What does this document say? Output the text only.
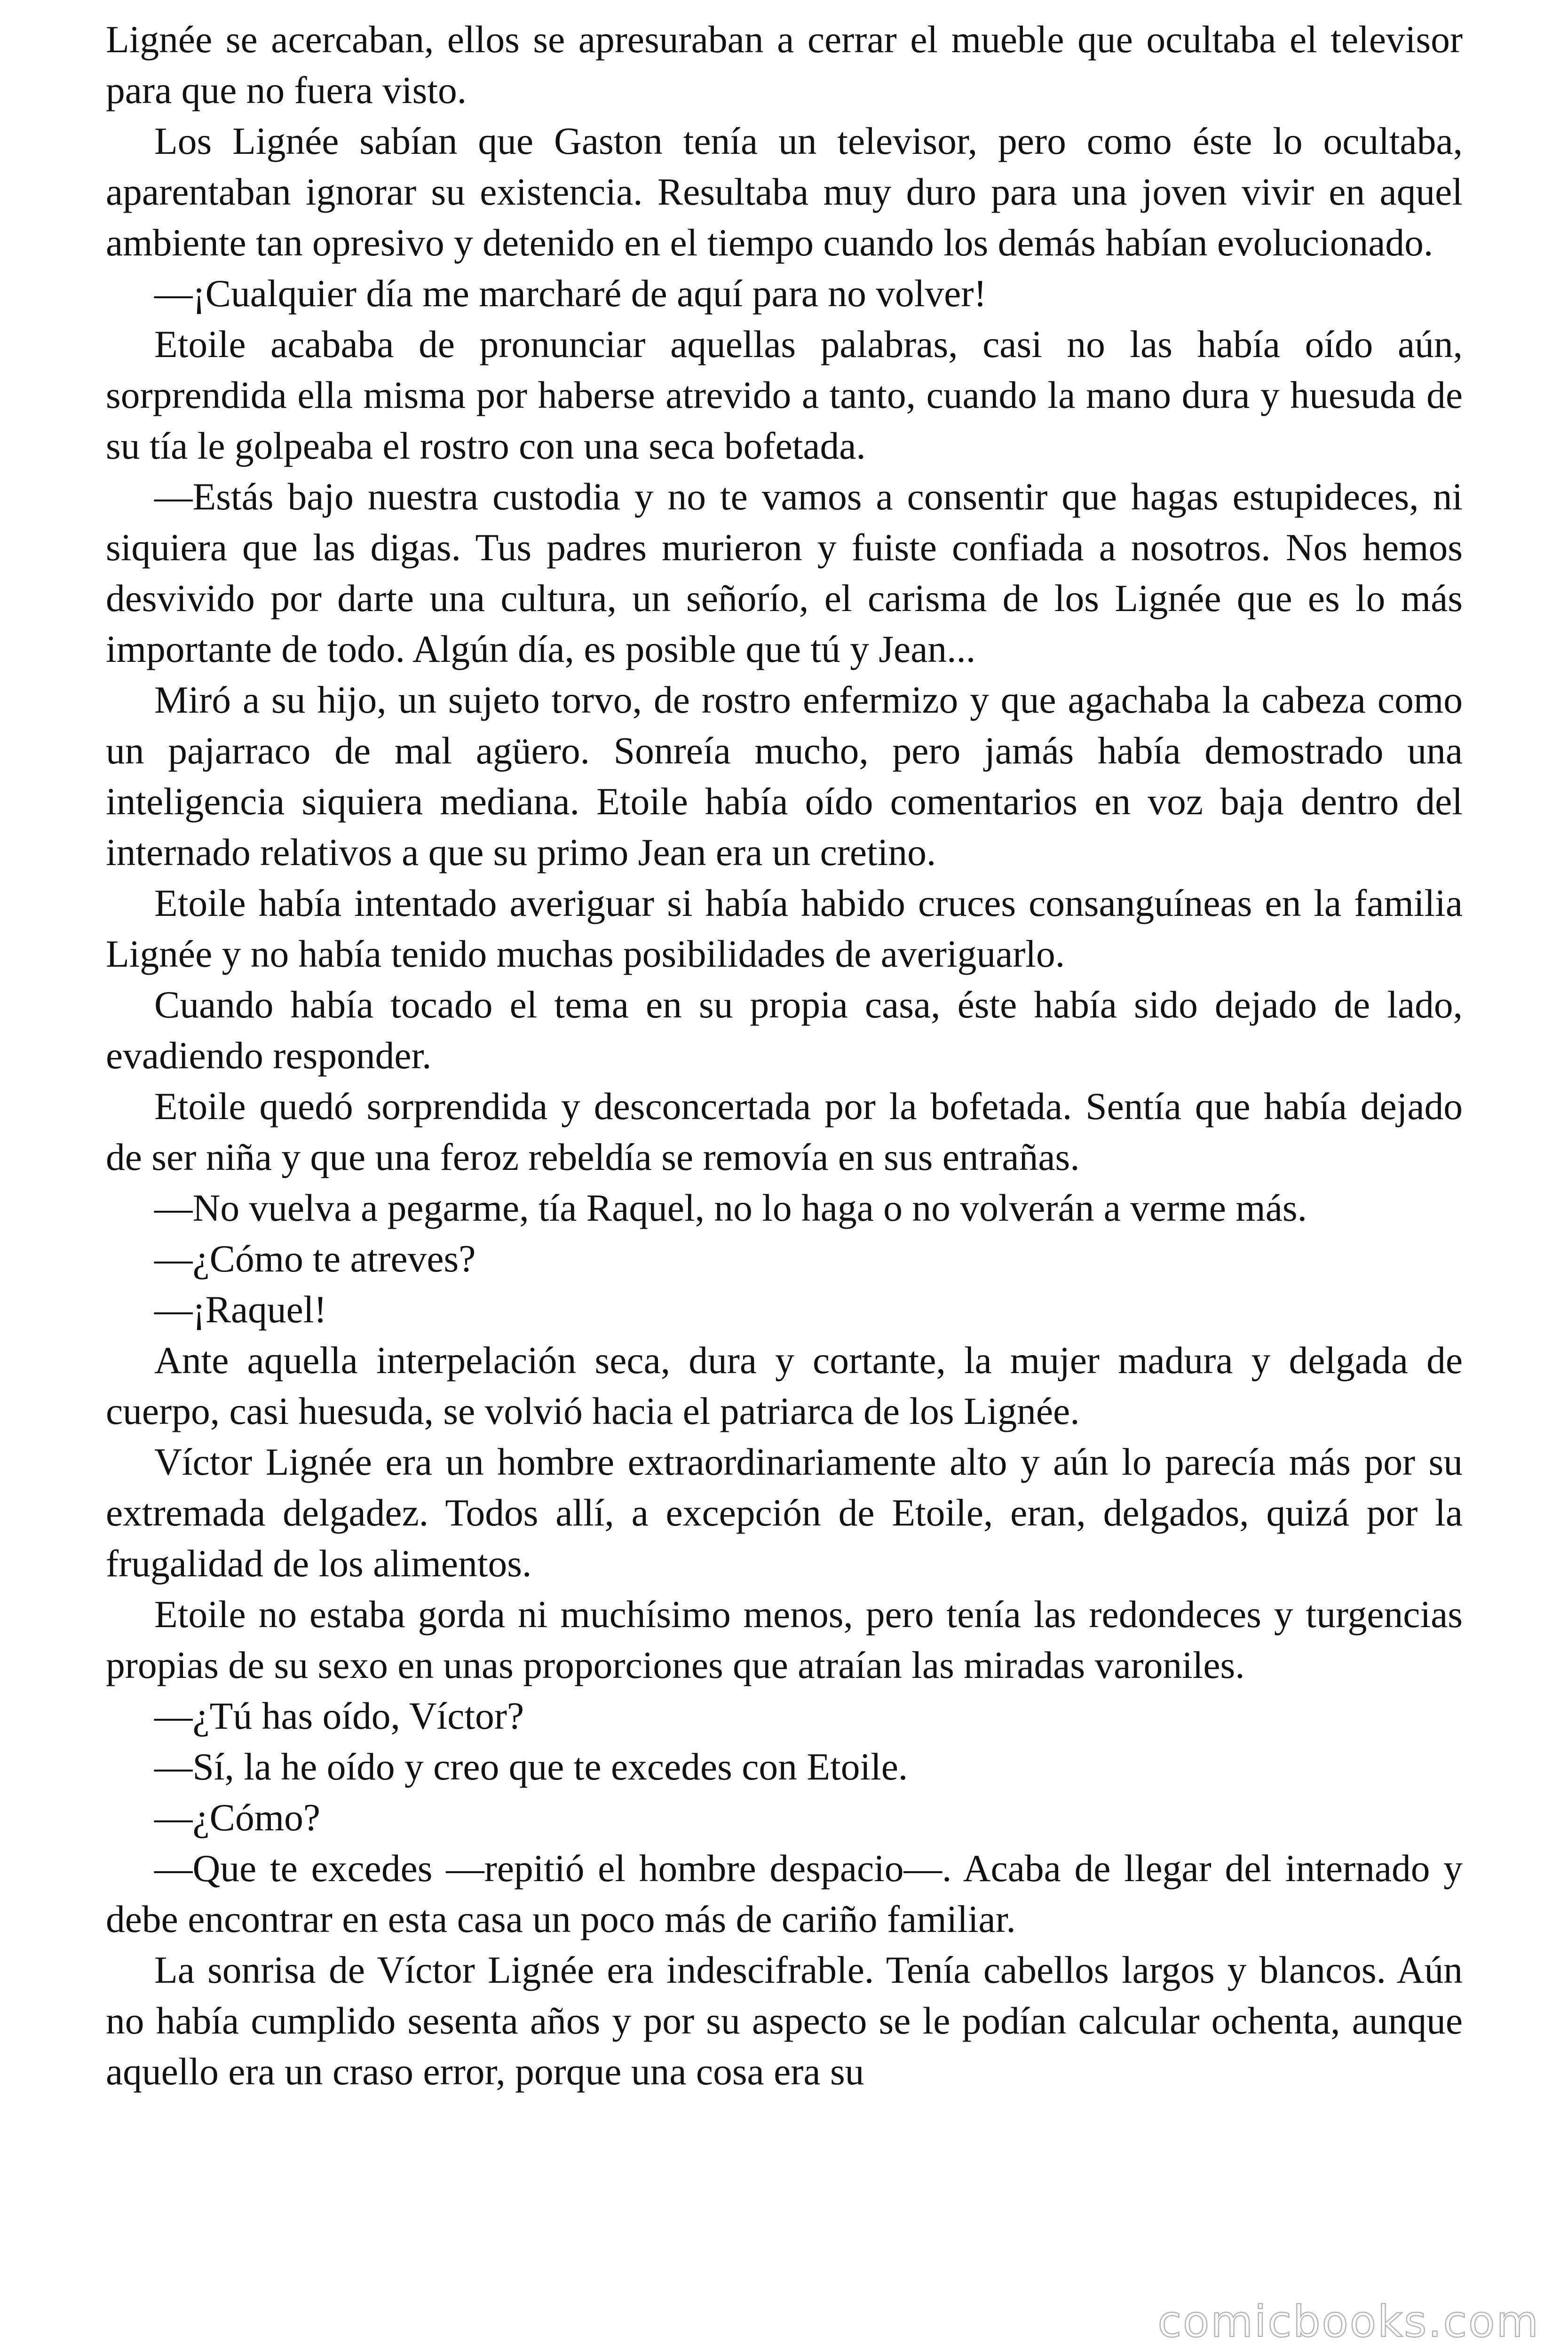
Lignée se acercaban, ellos se apresuraban a cerrar el mueble que ocultaba el televisor para que no fuera visto.

Los Lignée sabían que Gaston tenía un televisor, pero como éste lo ocultaba, aparentaban ignorar su existencia. Resultaba muy duro para una joven vivir en aquel ambiente tan opresivo y detenido en el tiempo cuando los demás habían evolucionado.

—¡Cualquier día me marcharé de aquí para no volver!

Etoile acababa de pronunciar aquellas palabras, casi no las había oído aún, sorprendida ella misma por haberse atrevido a tanto, cuando la mano dura y huesuda de su tía le golpeaba el rostro con una seca bofetada.

—Estás bajo nuestra custodia y no te vamos a consentir que hagas estupideces, ni siquiera que las digas. Tus padres murieron y fuiste confiada a nosotros. Nos hemos desvivido por darte una cultura, un señorío, el carisma de los Lignée que es lo más importante de todo. Algún día, es posible que tú y Jean...

Miró a su hijo, un sujeto torvo, de rostro enfermizo y que agachaba la cabeza como un pajarraco de mal agüero. Sonreía mucho, pero jamás había demostrado una inteligencia siquiera mediana. Etoile había oído comentarios en voz baja dentro del internado relativos a que su primo Jean era un cretino.

Etoile había intentado averiguar si había habido cruces consanguíneas en la familia Lignée y no había tenido muchas posibilidades de averiguarlo.

Cuando había tocado el tema en su propia casa, éste había sido dejado de lado, evadiendo responder.

Etoile quedó sorprendida y desconcertada por la bofetada. Sentía que había dejado de ser niña y que una feroz rebeldía se removía en sus entrañas.

—No vuelva a pegarme, tía Raquel, no lo haga o no volverán a verme más.

—¿Cómo te atreves?

—¡Raquel!

Ante aquella interpelación seca, dura y cortante, la mujer madura y delgada de cuerpo, casi huesuda, se volvió hacia el patriarca de los Lignée.

Víctor Lignée era un hombre extraordinariamente alto y aún lo parecía más por su extremada delgadez. Todos allí, a excepción de Etoile, eran, delgados, quizá por la frugalidad de los alimentos.

Etoile no estaba gorda ni muchísimo menos, pero tenía las redondeces y turgencias propias de su sexo en unas proporciones que atraían las miradas varoniles.

—¿Tú has oído, Víctor?

—Sí, la he oído y creo que te excedes con Etoile.

—¿Cómo?

—Que te excedes —repitió el hombre despacio—. Acaba de llegar del internado y debe encontrar en esta casa un poco más de cariño familiar.

La sonrisa de Víctor Lignée era indescifrable. Tenía cabellos largos y blancos. Aún no había cumplido sesenta años y por su aspecto se le podían calcular ochenta, aunque aquello era un craso error, porque una cosa era su

comicbooks.com
